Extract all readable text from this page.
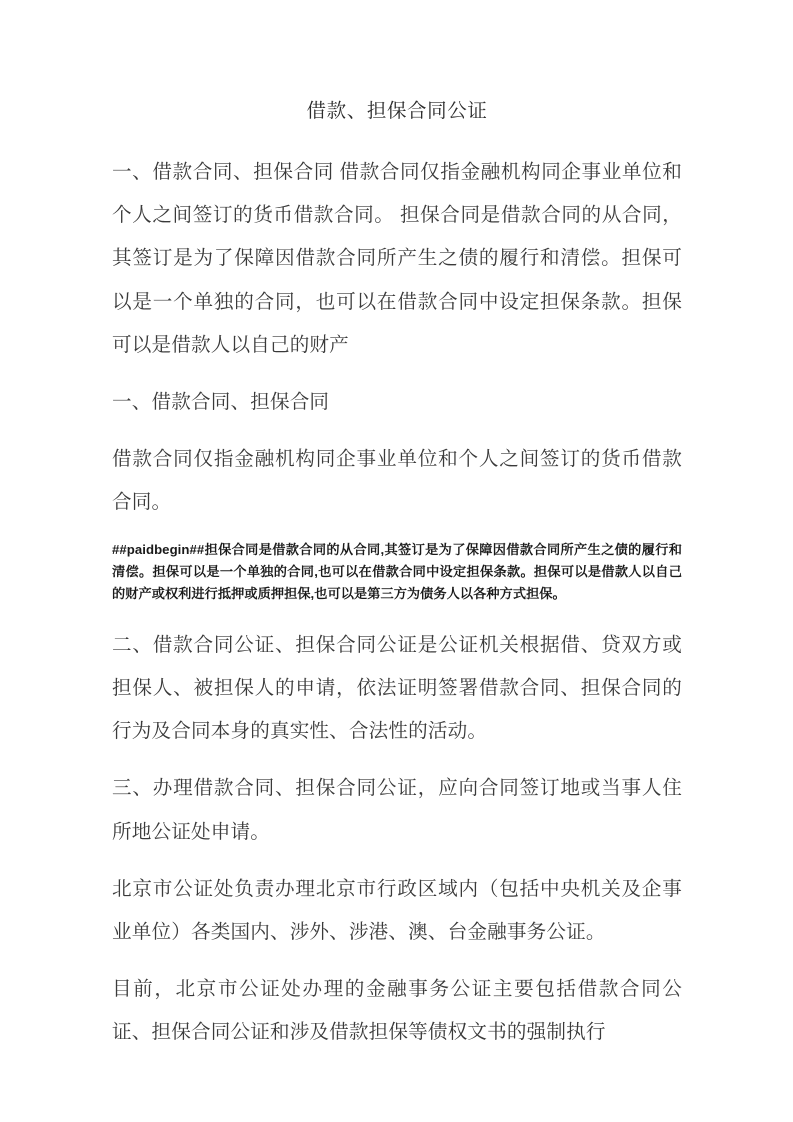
借款、担保合同公证

一、借款合同、担保合同 借款合同仅指金融机构同企事业单位和个人之间签订的货币借款合同。 担保合同是借款合同的从合同，其签订是为了保障因借款合同所产生之债的履行和清偿。担保可以是一个单独的合同，也可以在借款合同中设定担保条款。担保可以是借款人以自己的财产

一、借款合同、担保合同

借款合同仅指金融机构同企事业单位和个人之间签订的货币借款合同。

##paidbegin##担保合同是借款合同的从合同,其签订是为了保障因借款合同所产生之债的履行和清偿。担保可以是一个单独的合同,也可以在借款合同中设定担保条款。担保可以是借款人以自己的财产或权利进行抵押或质押担保,也可以是第三方为债务人以各种方式担保。

二、借款合同公证、担保合同公证是公证机关根据借、贷双方或担保人、被担保人的申请，依法证明签署借款合同、担保合同的行为及合同本身的真实性、合法性的活动。

三、办理借款合同、担保合同公证，应向合同签订地或当事人住所地公证处申请。

北京市公证处负责办理北京市行政区域内（包括中央机关及企事业单位）各类国内、涉外、涉港、澳、台金融事务公证。

目前，北京市公证处办理的金融事务公证主要包括借款合同公证、担保合同公证和涉及借款担保等债权文书的强制执行
